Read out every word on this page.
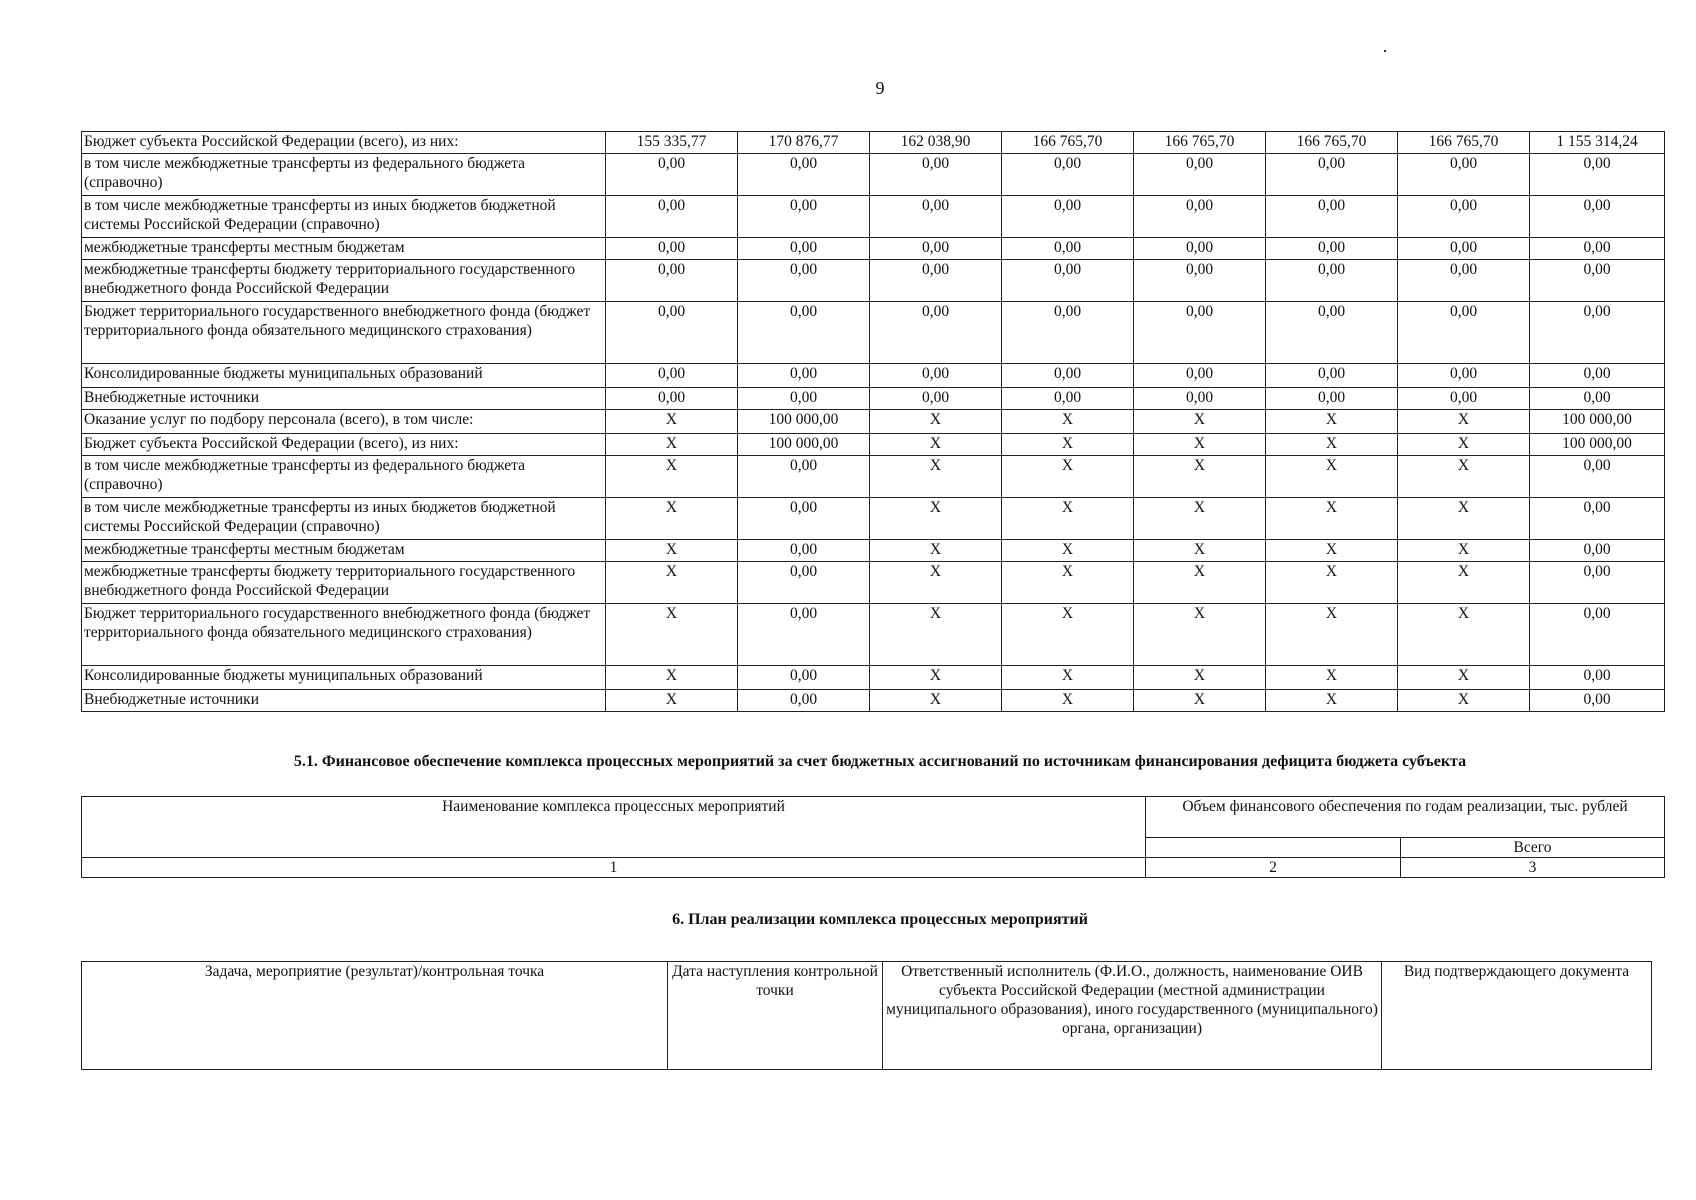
9
Бюджет субъекта Российской Федерации (всего), из них:	155 335,77	170 876,77	162 038,90	166 765,70	166 765,70	166 765,70	166 765,70	1 155 314,24
в том числе межбюджетные трансферты из федерального бюджета (справочно)	0,00	0,00	0,00	0,00	0,00	0,00	0,00	0,00
в том числе межбюджетные трансферты из иных бюджетов бюджетной системы Российской Федерации (справочно)	0,00	0,00	0,00	0,00	0,00	0,00	0,00	0,00
межбюджетные трансферты местным бюджетам	0,00	0,00	0,00	0,00	0,00	0,00	0,00	0,00
межбюджетные трансферты бюджету территориального государственного внебюджетного фонда Российской Федерации	0,00	0,00	0,00	0,00	0,00	0,00	0,00	0,00
Бюджет территориального государственного внебюджетного фонда (бюджет территориального фонда обязательного медицинского страхования)	0,00	0,00	0,00	0,00	0,00	0,00	0,00	0,00
Консолидированные бюджеты муниципальных образований	0,00	0,00	0,00	0,00	0,00	0,00	0,00	0,00
Внебюджетные источники	0,00	0,00	0,00	0,00	0,00	0,00	0,00	0,00
Оказание услуг по подбору персонала (всего), в том числе:	X	100 000,00	X	X	X	X	X	100 000,00
Бюджет субъекта Российской Федерации (всего), из них:	X	100 000,00	X	X	X	X	X	100 000,00
в том числе межбюджетные трансферты из федерального бюджета (справочно)	X	0,00	X	X	X	X	X	0,00
в том числе межбюджетные трансферты из иных бюджетов бюджетной системы Российской Федерации (справочно)	X	0,00	X	X	X	X	X	0,00
межбюджетные трансферты местным бюджетам	X	0,00	X	X	X	X	X	0,00
межбюджетные трансферты бюджету территориального государственного внебюджетного фонда Российской Федерации	X	0,00	X	X	X	X	X	0,00
Бюджет территориального государственного внебюджетного фонда (бюджет территориального фонда обязательного медицинского страхования)	X	0,00	X	X	X	X	X	0,00
Консолидированные бюджеты муниципальных образований	X	0,00	X	X	X	X	X	0,00
Внебюджетные источники	X	0,00	X	X	X	X	X	0,00
5.1. Финансовое обеспечение комплекса процессных мероприятий за счет бюджетных ассигнований по источникам финансирования дефицита бюджета субъекта
Наименование комплекса процессных мероприятий	Объем финансового обеспечения по годам реализации, тыс. рублей	
		Всего
1	2	3
6. План реализации комплекса процессных мероприятий
Задача, мероприятие (результат)/контрольная точка	Дата наступления контрольной точки	Ответственный исполнитель (Ф.И.О., должность, наименование ОИВ субъекта Российской Федерации (местной администрации муниципального образования), иного государственного (муниципального) органа, организации)	Вид подтверждающего документа
